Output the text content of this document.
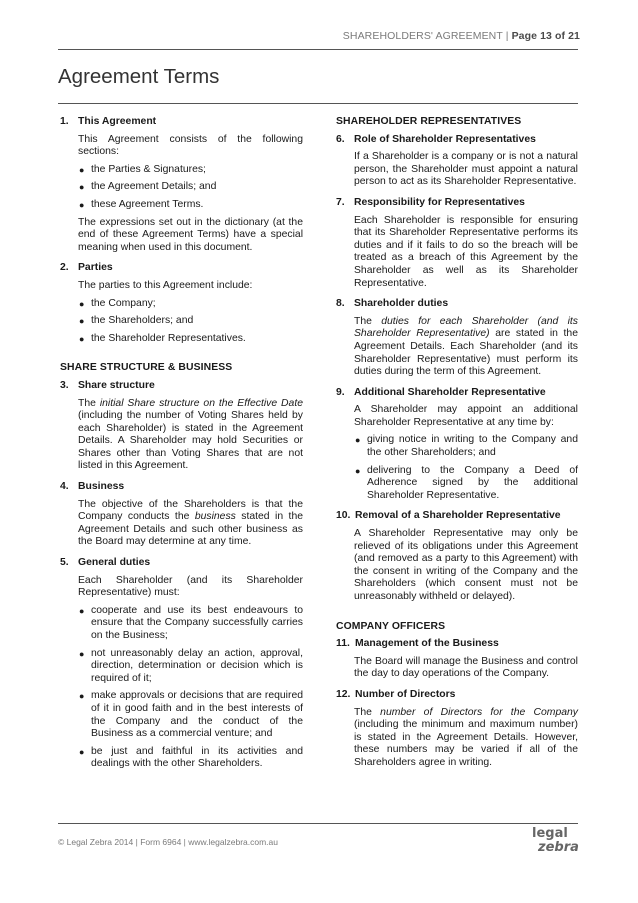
SHAREHOLDERS' AGREEMENT | Page 13 of 21
Agreement Terms
1. This Agreement

This Agreement consists of the following sections:

● the Parties & Signatures;
● the Agreement Details; and
● these Agreement Terms.

The expressions set out in the dictionary (at the end of these Agreement Terms) have a special meaning when used in this document.

2. Parties

The parties to this Agreement include:

● the Company;
● the Shareholders; and
● the Shareholder Representatives.
SHARE STRUCTURE & BUSINESS
3. Share structure

The initial Share structure on the Effective Date (including the number of Voting Shares held by each Shareholder) is stated in the Agreement Details. A Shareholder may hold Securities or Shares other than Voting Shares that are not listed in this Agreement.

4. Business

The objective of the Shareholders is that the Company conducts the business stated in the Agreement Details and such other business as the Board may determine at any time.

5. General duties

Each Shareholder (and its Shareholder Representative) must:

● cooperate and use its best endeavours to ensure that the Company successfully carries on the Business;
● not unreasonably delay an action, approval, direction, determination or decision which is required of it;
● make approvals or decisions that are required of it in good faith and in the best interests of the Company and the conduct of the Business as a commercial venture; and
● be just and faithful in its activities and dealings with the other Shareholders.
SHAREHOLDER REPRESENTATIVES
6. Role of Shareholder Representatives

If a Shareholder is a company or is not a natural person, the Shareholder must appoint a natural person to act as its Shareholder Representative.

7. Responsibility for Representatives

Each Shareholder is responsible for ensuring that its Shareholder Representative performs its duties and if it fails to do so the breach will be treated as a breach of this Agreement by the Shareholder as well as its Shareholder Representative.

8. Shareholder duties

The duties for each Shareholder (and its Shareholder Representative) are stated in the Agreement Details. Each Shareholder (and its Shareholder Representative) must perform its duties during the term of this Agreement.

9. Additional Shareholder Representative

A Shareholder may appoint an additional Shareholder Representative at any time by:

● giving notice in writing to the Company and the other Shareholders; and
● delivering to the Company a Deed of Adherence signed by the additional Shareholder Representative.
10. Removal of a Shareholder Representative

A Shareholder Representative may only be relieved of its obligations under this Agreement (and removed as a party to this Agreement) with the consent in writing of the Company and the Shareholders (which consent must not be unreasonably withheld or delayed).

COMPANY OFFICERS
11. Management of the Business

The Board will manage the Business and control the day to day operations of the Company.

12. Number of Directors

The number of Directors for the Company (including the minimum and maximum number) is stated in the Agreement Details. However, these numbers may be varied if all of the Shareholders agree in writing.

© Legal Zebra 2014 | Form 6964 | www.legalzebra.com.au
legal
zebra
